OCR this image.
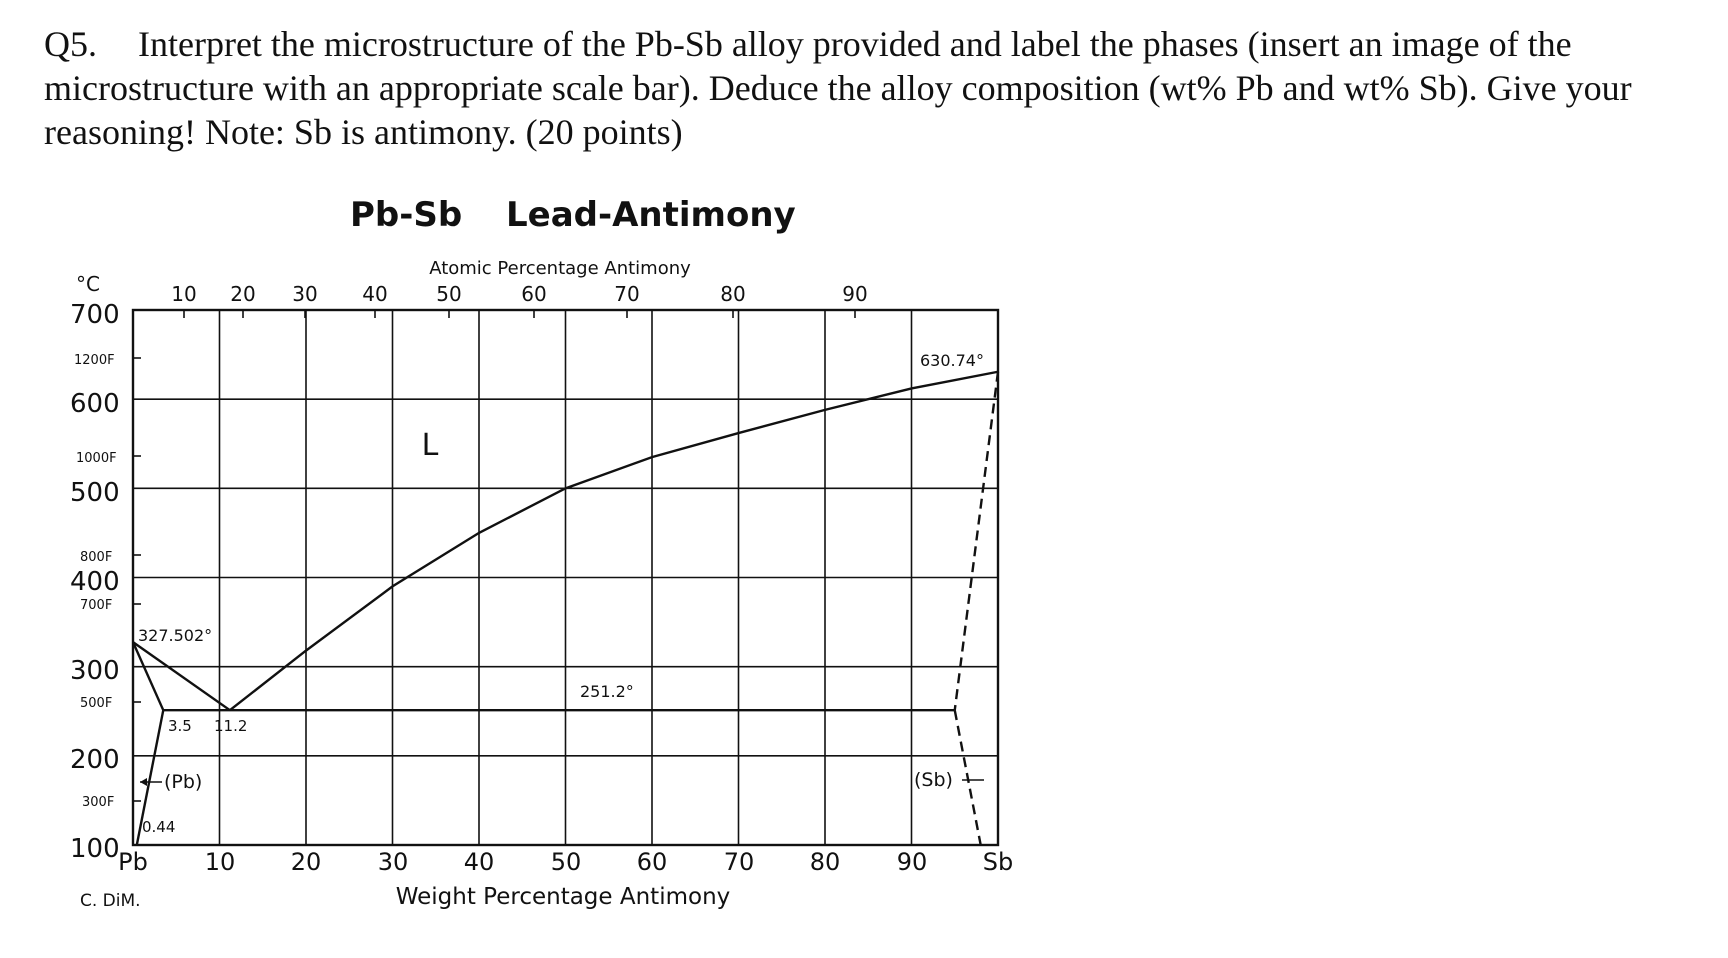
Q5. Interpret the microstructure of the Pb-Sb alloy provided and label the phases (insert an image of the

microstructure with an appropriate scale bar). Deduce the alloy composition (wt% Pb and wt% Sb). Give your

reasoning! Note: Sb is antimony. (20 points)

Pb-Sb Lead-Antimony
Atomic Percentage Antimony
10 20 30 40 50	60	70	80	90
°C
700
600
500
400
300
200
100
1200F
1000F
800F
700F
500F
300F
L
327.502°
630.74°
251.2°
3.5 11.2
0.44
(Pb)	(Sb)
Pb 10 20 30 40 50 60 70 80 90 Sb
Weight Percentage Antimony
C. DiM.
